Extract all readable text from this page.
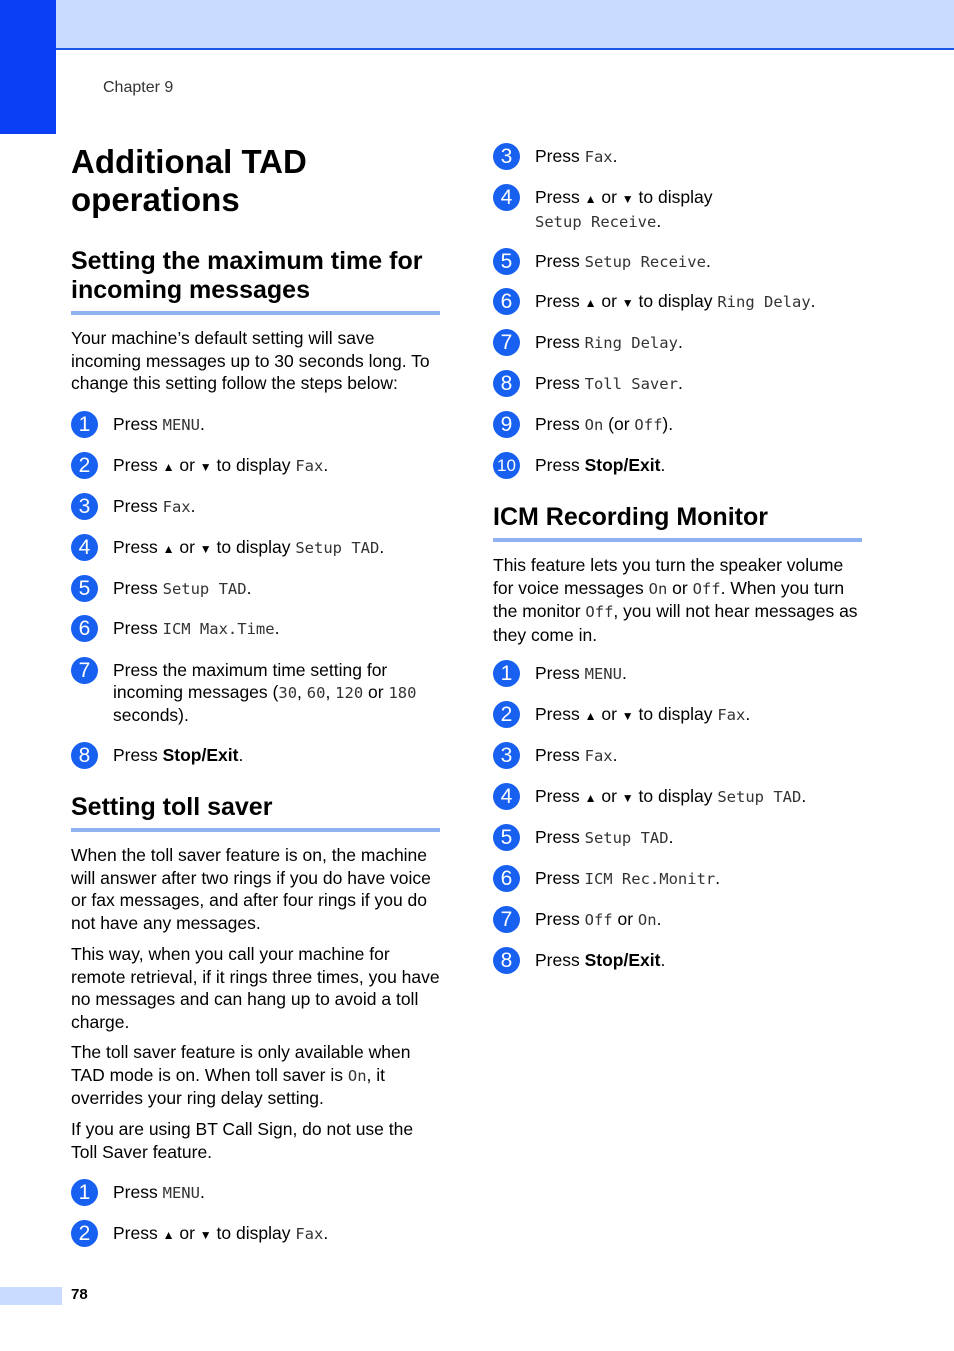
Chapter 9
Additional TAD operations
Setting the maximum time for incoming messages

Your machine’s default setting will save incoming messages up to 30 seconds long. To change this setting follow the steps below:

1	Press MENU.
2	Press ▲ or ▼ to display Fax.
3	Press Fax.
4	Press ▲ or ▼ to display Setup TAD.
5	Press Setup TAD.
6	Press ICM Max.Time.
7	Press the maximum time setting for incoming messages (30, 60, 120 or 180 seconds).
8	Press Stop/Exit.
Setting toll saver

When the toll saver feature is on, the machine will answer after two rings if you do have voice or fax messages, and after four rings if you do not have any messages.

This way, when you call your machine for remote retrieval, if it rings three times, you have no messages and can hang up to avoid a toll charge.

The toll saver feature is only available when TAD mode is on. When toll saver is On, it overrides your ring delay setting.

If you are using BT Call Sign, do not use the Toll Saver feature.

1	Press MENU.
2	Press ▲ or ▼ to display Fax.
3	Press Fax.
4	Press ▲ or ▼ to display
Setup Receive.
5	Press Setup Receive.
6	Press ▲ or ▼ to display Ring Delay.
7	Press Ring Delay.
8	Press Toll Saver.
9	Press On (or Off).
10 Press Stop/Exit.
ICM Recording Monitor

This feature lets you turn the speaker volume for voice messages On or Off. When you turn the monitor Off, you will not hear messages as they come in.

1	Press MENU.
2	Press ▲ or ▼ to display Fax.
3	Press Fax.
4	Press ▲ or ▼ to display Setup TAD.
5	Press Setup TAD.
6	Press ICM Rec.Monitr.
7	Press Off or On.
8	Press Stop/Exit.
78
